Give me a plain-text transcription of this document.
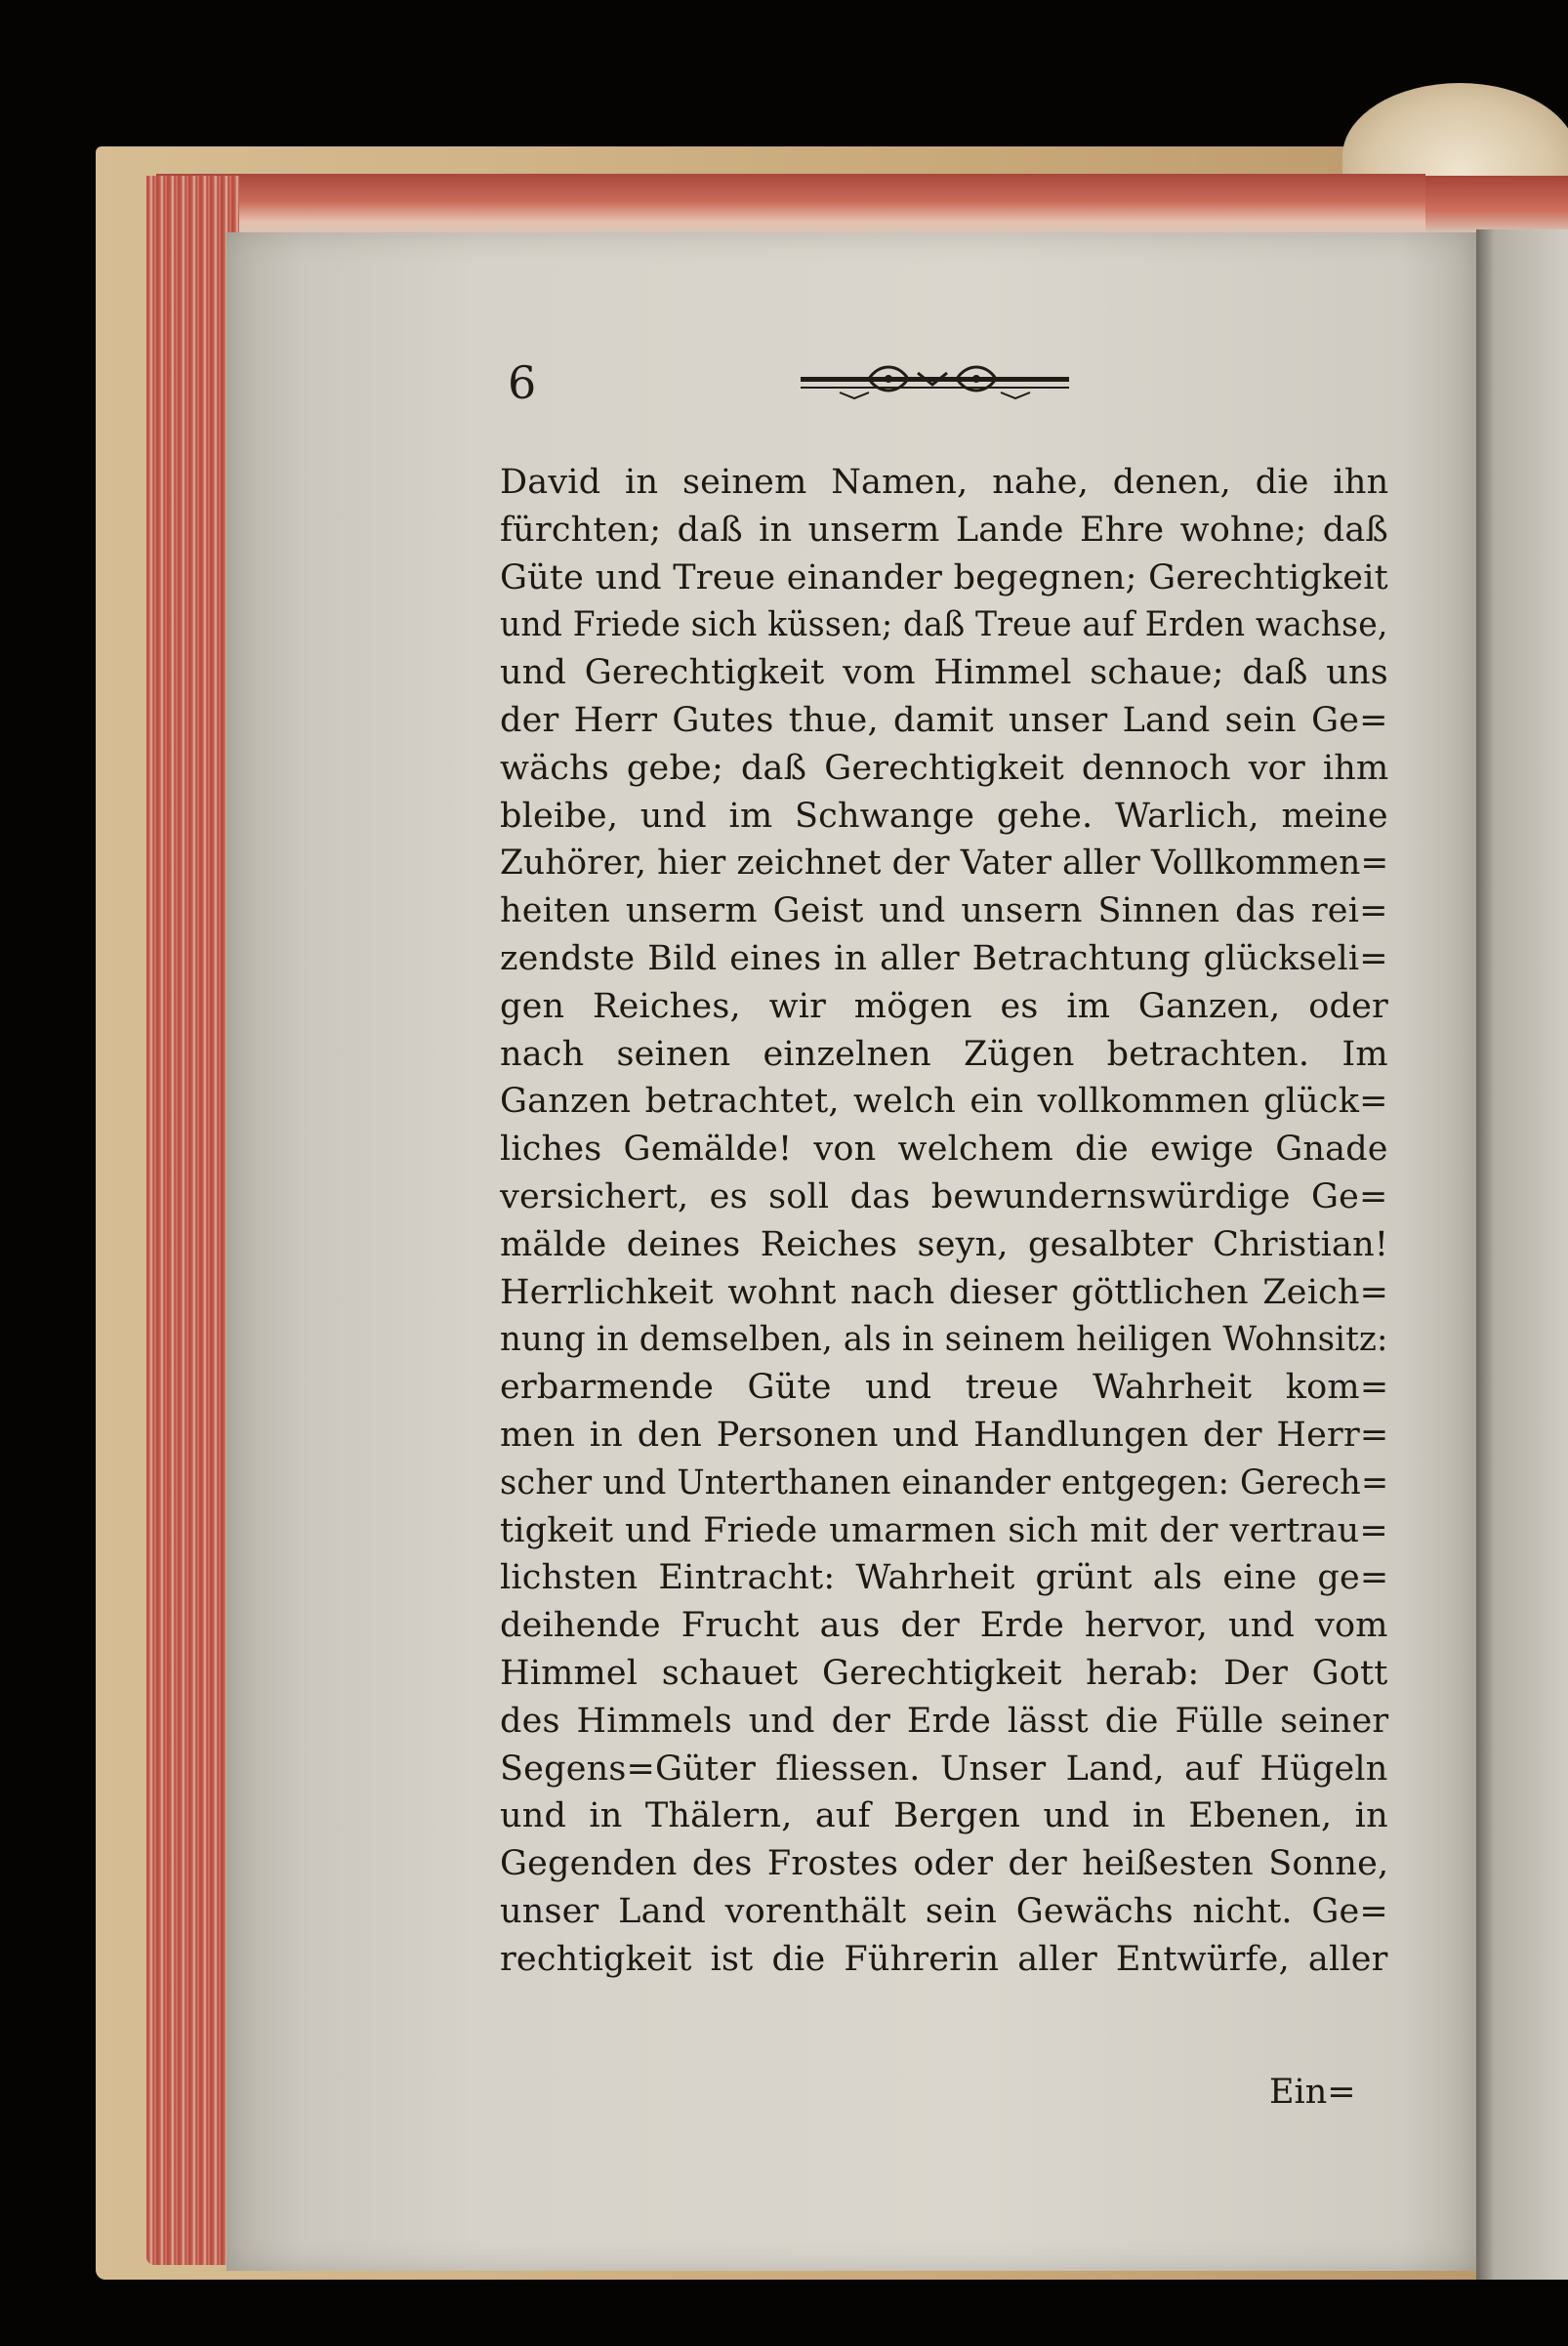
6
David in seinem Namen, nahe, denen, die ihn
fürchten; daß in unserm Lande Ehre wohne; daß
Güte und Treue einander begegnen; Gerechtigkeit
und Friede sich küssen; daß Treue auf Erden wachse,
und Gerechtigkeit vom Himmel schaue; daß uns
der Herr Gutes thue, damit unser Land sein Ge=
wächs gebe; daß Gerechtigkeit dennoch vor ihm
bleibe, und im Schwange gehe. Warlich, meine
Zuhörer, hier zeichnet der Vater aller Vollkommen=
heiten unserm Geist und unsern Sinnen das rei=
zendste Bild eines in aller Betrachtung glückseli=
gen Reiches, wir mögen es im Ganzen, oder
nach seinen einzelnen Zügen betrachten. Im
Ganzen betrachtet, welch ein vollkommen glück=
liches Gemälde! von welchem die ewige Gnade
versichert, es soll das bewundernswürdige Ge=
mälde deines Reiches seyn, gesalbter Christian!
Herrlichkeit wohnt nach dieser göttlichen Zeich=
nung in demselben, als in seinem heiligen Wohnsitz:
erbarmende Güte und treue Wahrheit kom=
men in den Personen und Handlungen der Herr=
scher und Unterthanen einander entgegen: Gerech=
tigkeit und Friede umarmen sich mit der vertrau=
lichsten Eintracht: Wahrheit grünt als eine ge=
deihende Frucht aus der Erde hervor, und vom
Himmel schauet Gerechtigkeit herab: Der Gott
des Himmels und der Erde lässt die Fülle seiner
Segens=Güter fliessen. Unser Land, auf Hügeln
und in Thälern, auf Bergen und in Ebenen, in
Gegenden des Frostes oder der heißesten Sonne,
unser Land vorenthält sein Gewächs nicht. Ge=
rechtigkeit ist die Führerin aller Entwürfe, aller
Ein=
